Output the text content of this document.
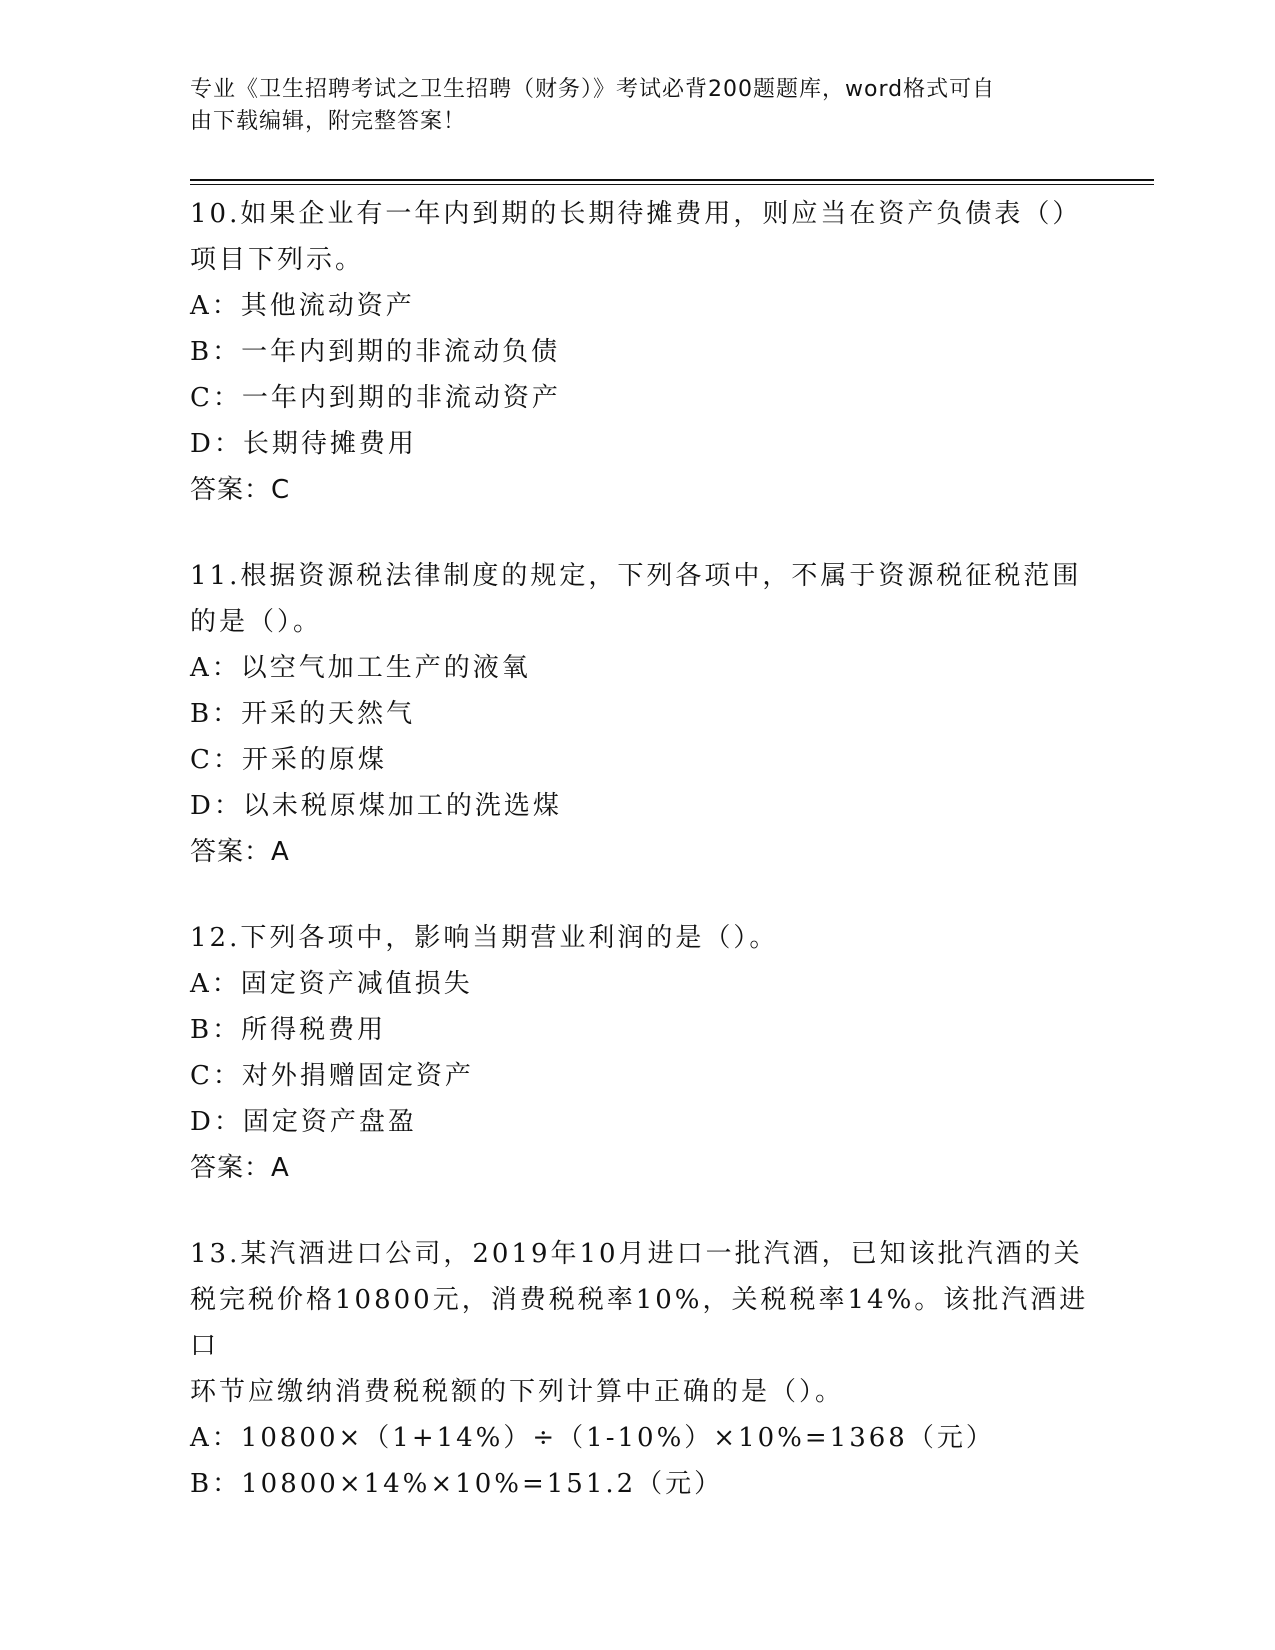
专业《卫生招聘考试之卫生招聘（财务）》考试必背200题题库，word格式可自
由下载编辑，附完整答案！
10.如果企业有一年内到期的长期待摊费用，则应当在资产负债表（）
项目下列示。
A：其他流动资产
B：一年内到期的非流动负债
C：一年内到期的非流动资产
D：长期待摊费用
答案：C
11.根据资源税法律制度的规定，下列各项中，不属于资源税征税范围
的是（）。
A：以空气加工生产的液氧
B：开采的天然气
C：开采的原煤
D：以未税原煤加工的洗选煤
答案：A
12.下列各项中，影响当期营业利润的是（）。
A：固定资产减值损失
B：所得税费用
C：对外捐赠固定资产
D：固定资产盘盈
答案：A
13.某汽酒进口公司，2019年10月进口一批汽酒，已知该批汽酒的关
税完税价格10800元，消费税税率10%，关税税率14%。该批汽酒进口
环节应缴纳消费税税额的下列计算中正确的是（）。
A：10800×（1+14%）÷（1-10%）×10%=1368（元）
B：10800×14%×10%=151.2（元）
